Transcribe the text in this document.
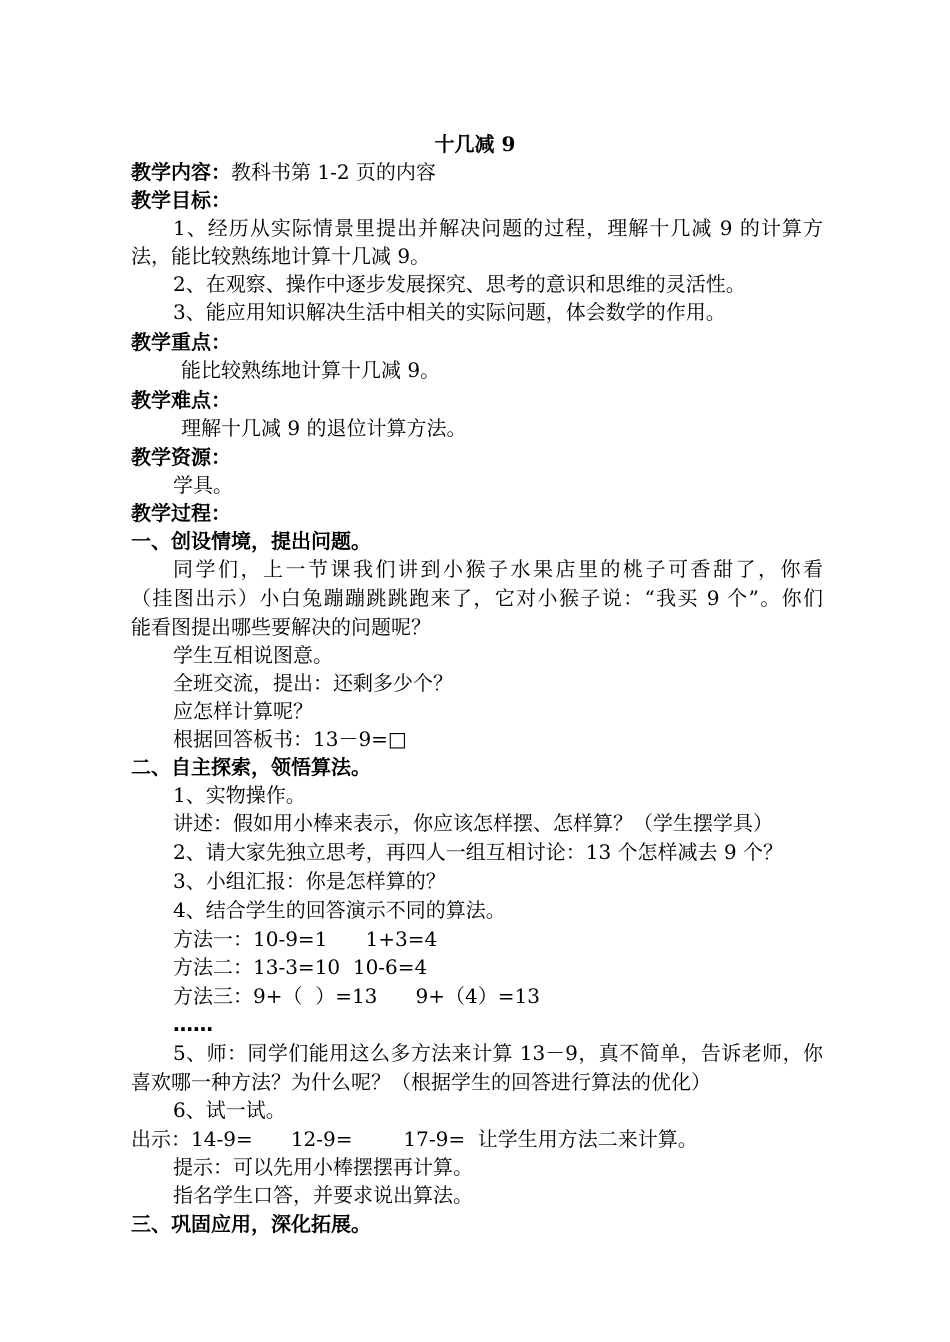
十几减 9
教学内容：教科书第 1-2 页的内容
教学目标：
1、经历从实际情景里提出并解决问题的过程，理解十几减 9 的计算方
法，能比较熟练地计算十几减 9。
2、在观察、操作中逐步发展探究、思考的意识和思维的灵活性。
3、能应用知识解决生活中相关的实际问题，体会数学的作用。
教学重点：
能比较熟练地计算十几减 9。
教学难点：
理解十几减 9 的退位计算方法。
教学资源：
学具。
教学过程：
一、创设情境，提出问题。
同学们，上一节课我们讲到小猴子水果店里的桃子可香甜了，你看
（挂图出示）小白兔蹦蹦跳跳跑来了，它对小猴子说：“我买 9 个”。你们
能看图提出哪些要解决的问题呢？
学生互相说图意。
全班交流，提出：还剩多少个？
应怎样计算呢？
根据回答板书：13－9=□
二、自主探索，领悟算法。
1、实物操作。
讲述：假如用小棒来表示，你应该怎样摆、怎样算？（学生摆学具）
2、请大家先独立思考，再四人一组互相讨论：13 个怎样减去 9 个？
3、小组汇报：你是怎样算的？
4、结合学生的回答演示不同的算法。
方法一：10-9=1      1+3=4
方法二：13-3=10  10-6=4
方法三：9+（  ）=13      9+（4）=13
……
5、师：同学们能用这么多方法来计算 13－9，真不简单，告诉老师，你
喜欢哪一种方法？为什么呢？（根据学生的回答进行算法的优化）
6、试一试。
出示：14-9=      12-9=        17-9=  让学生用方法二来计算。
提示：可以先用小棒摆摆再计算。
指名学生口答，并要求说出算法。
三、巩固应用，深化拓展。
